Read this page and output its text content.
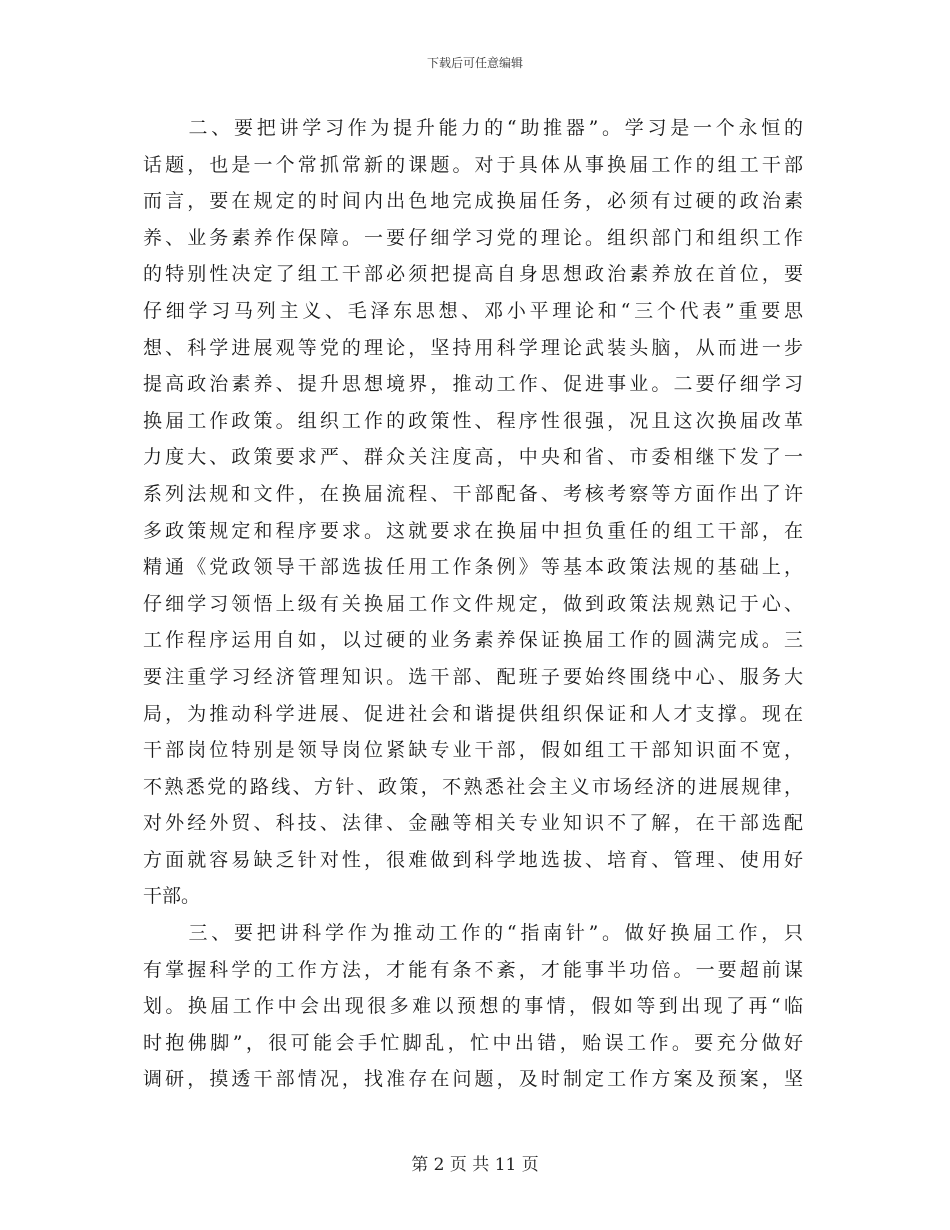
下载后可任意编辑
　　二、要把讲学习作为提升能力的“助推器”。学习是一个永恒的
话题，也是一个常抓常新的课题。对于具体从事换届工作的组工干部
而言，要在规定的时间内出色地完成换届任务，必须有过硬的政治素
养、业务素养作保障。一要仔细学习党的理论。组织部门和组织工作
的特别性决定了组工干部必须把提高自身思想政治素养放在首位，要
仔细学习马列主义、毛泽东思想、邓小平理论和“三个代表”重要思
想、科学进展观等党的理论，坚持用科学理论武装头脑，从而进一步
提高政治素养、提升思想境界，推动工作、促进事业。二要仔细学习
换届工作政策。组织工作的政策性、程序性很强，况且这次换届改革
力度大、政策要求严、群众关注度高，中央和省、市委相继下发了一
系列法规和文件，在换届流程、干部配备、考核考察等方面作出了许
多政策规定和程序要求。这就要求在换届中担负重任的组工干部，在
精通《党政领导干部选拔任用工作条例》等基本政策法规的基础上，
仔细学习领悟上级有关换届工作文件规定，做到政策法规熟记于心、
工作程序运用自如，以过硬的业务素养保证换届工作的圆满完成。三
要注重学习经济管理知识。选干部、配班子要始终围绕中心、服务大
局，为推动科学进展、促进社会和谐提供组织保证和人才支撑。现在
干部岗位特别是领导岗位紧缺专业干部，假如组工干部知识面不宽，
不熟悉党的路线、方针、政策，不熟悉社会主义市场经济的进展规律，
对外经外贸、科技、法律、金融等相关专业知识不了解，在干部选配
方面就容易缺乏针对性，很难做到科学地选拔、培育、管理、使用好
干部。
　　三、要把讲科学作为推动工作的“指南针”。做好换届工作，只
有掌握科学的工作方法，才能有条不紊，才能事半功倍。一要超前谋
划。换届工作中会出现很多难以预想的事情，假如等到出现了再“临
时抱佛脚”，很可能会手忙脚乱，忙中出错，贻误工作。要充分做好
调研，摸透干部情况，找准存在问题，及时制定工作方案及预案，坚
第 2 页 共 11 页
